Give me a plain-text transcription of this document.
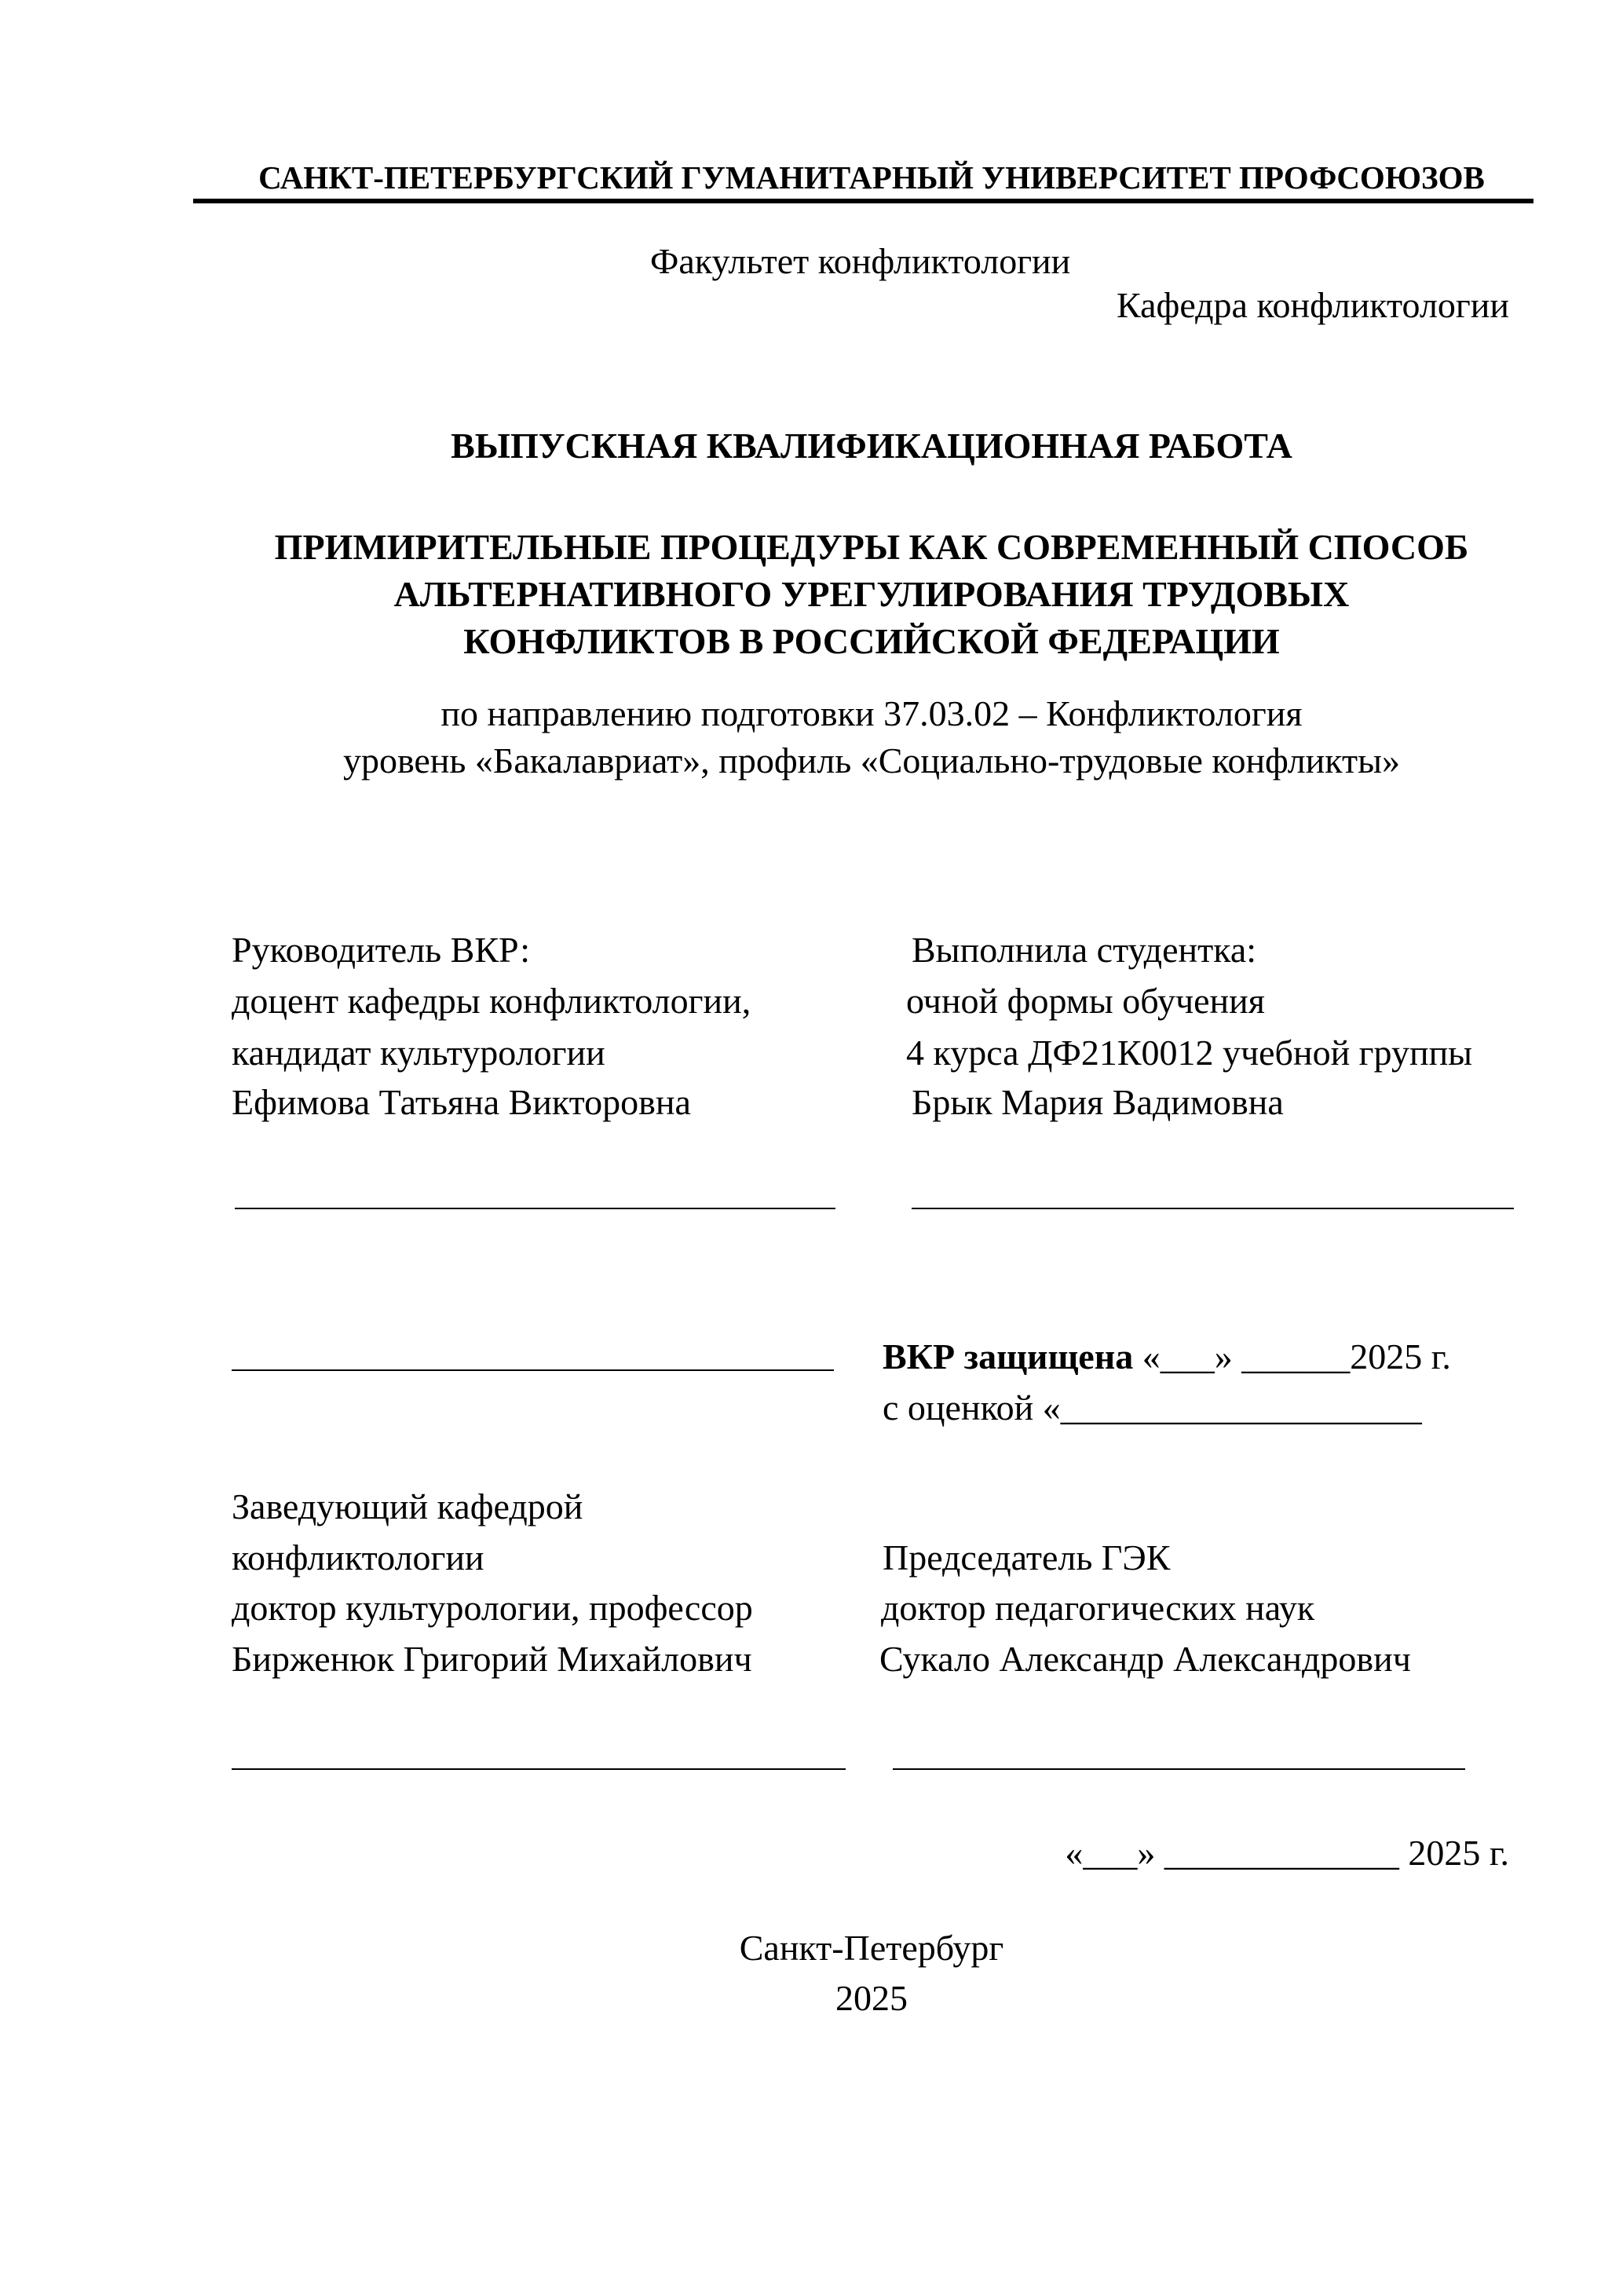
САНКТ-ПЕТЕРБУРГСКИЙ ГУМАНИТАРНЫЙ УНИВЕРСИТЕТ ПРОФСОЮЗОВ
Факультет конфликтологии
Кафедра конфликтологии
ВЫПУСКНАЯ КВАЛИФИКАЦИОННАЯ РАБОТА
ПРИМИРИТЕЛЬНЫЕ ПРОЦЕДУРЫ КАК СОВРЕМЕННЫЙ СПОСОБ
АЛЬТЕРНАТИВНОГО УРЕГУЛИРОВАНИЯ ТРУДОВЫХ
КОНФЛИКТОВ В РОССИЙСКОЙ ФЕДЕРАЦИИ
по направлению подготовки 37.03.02 – Конфликтология
уровень «Бакалавриат», профиль «Социально-трудовые конфликты»
Руководитель ВКР:
доцент кафедры конфликтологии,
кандидат культурологии
Ефимова Татьяна Викторовна
Выполнила студентка:
очной формы обучения
4 курса ДФ21К0012 учебной группы
Брык Мария Вадимовна
ВКР защищена «___» ______2025 г.
с оценкой «____________________
Заведующий кафедрой
конфликтологии
доктор культурологии, профессор
Бирженюк Григорий Михайлович
Председатель ГЭК
доктор педагогических наук
Сукало Александр Александрович
«___» _____________ 2025 г.
Санкт-Петербург
2025
